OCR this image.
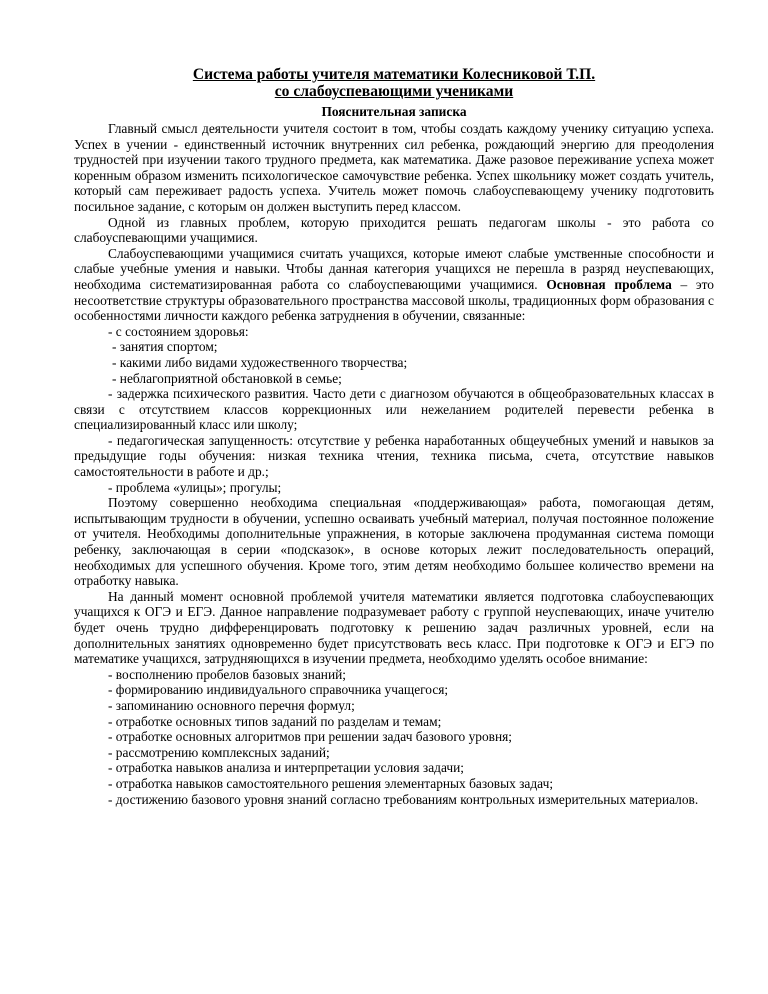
Система работы учителя математики Колесниковой Т.П.
со слабоуспевающими учениками
Пояснительная записка

Главный смысл деятельности учителя состоит в том, чтобы создать каждому ученику ситуацию успеха. Успех в учении - единственный источник внутренних сил ребенка, рождающий энергию для преодоления трудностей при изучении такого трудного предмета, как математика. Даже разовое переживание успеха может коренным образом изменить психологическое самочувствие ребенка. Успех школьнику может создать учитель, который сам переживает радость успеха. Учитель может помочь слабоуспевающему ученику подготовить посильное задание, с которым он должен выступить перед классом.

Одной из главных проблем, которую приходится решать педагогам школы - это работа со слабоуспевающими учащимися.

Слабоуспевающими учащимися считать учащихся, которые имеют слабые умственные способности и слабые учебные умения и навыки. Чтобы данная категория учащихся не перешла в разряд неуспевающих, необходима систематизированная работа со слабоуспевающими учащимися. Основная проблема – это несоответствие структуры образовательного пространства массовой школы, традиционных форм образования с особенностями личности каждого ребенка затруднения в обучении, связанные:

- с состоянием здоровья:
- занятия спортом;
- какими либо видами художественного творчества;
- неблагоприятной обстановкой в семье;
- задержка психического развития. Часто дети с диагнозом обучаются в общеобразовательных классах в связи с отсутствием классов коррекционных или нежеланием родителей перевести ребенка в специализированный класс или школу;
- педагогическая запущенность: отсутствие у ребенка наработанных общеучебных умений и навыков за предыдущие годы обучения: низкая техника чтения, техника письма, счета, отсутствие навыков самостоятельности в работе и др.;
- проблема «улицы»; прогулы;

Поэтому совершенно необходима специальная «поддерживающая» работа, помогающая детям, испытывающим трудности в обучении, успешно осваивать учебный материал, получая постоянное положение от учителя. Необходимы дополнительные упражнения, в которые заключена продуманная система помощи ребенку, заключающая в серии «подсказок», в основе которых лежит последовательность операций, необходимых для успешного обучения. Кроме того, этим детям необходимо большее количество времени на отработку навыка.

На данный момент основной проблемой учителя математики является подготовка слабоуспевающих учащихся к ОГЭ и ЕГЭ. Данное направление подразумевает работу с группой неуспевающих, иначе учителю будет очень трудно дифференцировать подготовку к решению задач различных уровней, если на дополнительных занятиях одновременно будет присутствовать весь класс. При подготовке к ОГЭ и ЕГЭ по математике учащихся, затрудняющихся в изучении предмета, необходимо уделять особое внимание:

- восполнению пробелов базовых знаний;
- формированию индивидуального справочника учащегося;
- запоминанию основного перечня формул;
- отработке основных типов заданий по разделам и темам;
- отработке основных алгоритмов при решении задач базового уровня;
- рассмотрению комплексных заданий;
- отработка навыков анализа и интерпретации условия задачи;
- отработка навыков самостоятельного решения элементарных базовых задач;
- достижению базового уровня знаний согласно требованиям контрольных измерительных материалов.
